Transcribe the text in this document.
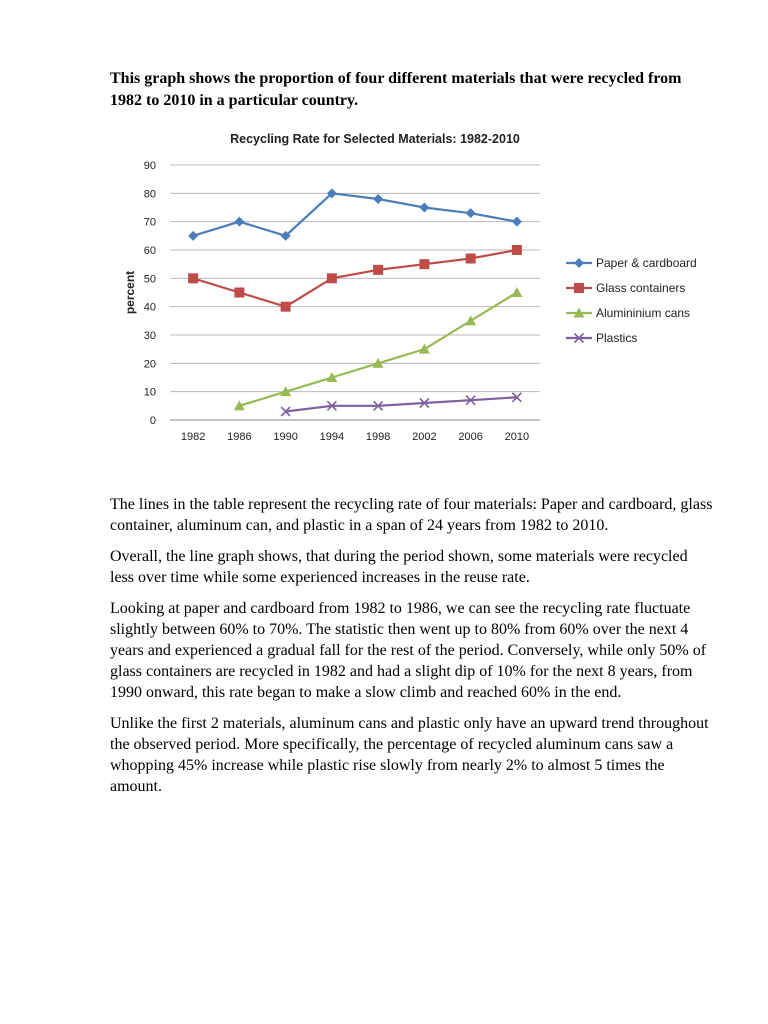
This graph shows the proportion of four different materials that were recycled from 1982 to 2010 in a particular country.

Recycling Rate for Selected Materials: 1982-2010
0
10
20
30
40
50
60
70
80
90
percent
1982 1986 1990 1994 1998 2002 2006 2010
Paper & cardboard
Glass containers
Alumininium cans
Plastics

The lines in the table represent the recycling rate of four materials: Paper and cardboard, glass container, aluminum can, and plastic in a span of 24 years from 1982 to 2010.

Overall, the line graph shows, that during the period shown, some materials were recycled less over time while some experienced increases in the reuse rate.

Looking at paper and cardboard from 1982 to 1986, we can see the recycling rate fluctuate slightly between 60% to 70%. The statistic then went up to 80% from 60% over the next 4 years and experienced a gradual fall for the rest of the period. Conversely, while only 50% of glass containers are recycled in 1982 and had a slight dip of 10% for the next 8 years, from 1990 onward, this rate began to make a slow climb and reached 60% in the end.

Unlike the first 2 materials, aluminum cans and plastic only have an upward trend throughout the observed period. More specifically, the percentage of recycled aluminum cans saw a whopping 45% increase while plastic rise slowly from nearly 2% to almost 5 times the amount.
